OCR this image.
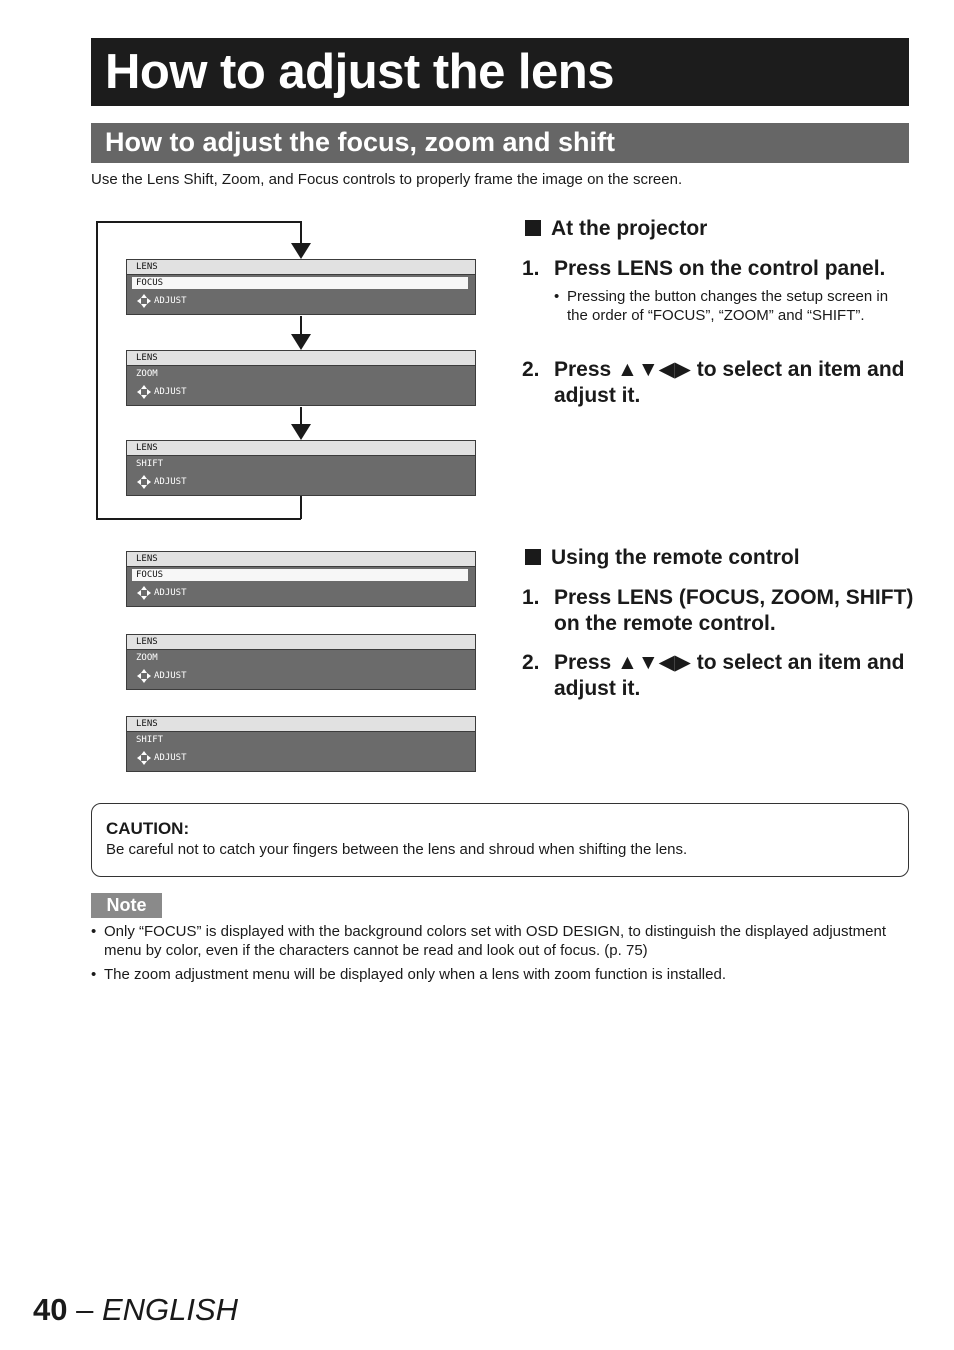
How to adjust the lens
How to adjust the focus, zoom and shift
Use the Lens Shift, Zoom, and Focus controls to properly frame the image on the screen.
LENS
FOCUS
ADJUST
LENS
ZOOM
ADJUST
LENS
SHIFT
ADJUST
LENS
FOCUS
ADJUST
LENS
ZOOM
ADJUST
LENS
SHIFT
ADJUST
At the projector
1. Press LENS on the control panel.
• Pressing the button changes the setup screen in the order of “FOCUS”, “ZOOM” and “SHIFT”.
2. Press ▲▼◀▶ to select an item and adjust it.
Using the remote control
1. Press LENS (FOCUS, ZOOM, SHIFT) on the remote control.
2. Press ▲▼◀▶ to select an item and adjust it.
CAUTION:
Be careful not to catch your fingers between the lens and shroud when shifting the lens.
Note
• Only “FOCUS” is displayed with the background colors set with OSD DESIGN, to distinguish the displayed adjustment menu by color, even if the characters cannot be read and look out of focus. (p. 75)
• The zoom adjustment menu will be displayed only when a lens with zoom function is installed.
40 – ENGLISH
